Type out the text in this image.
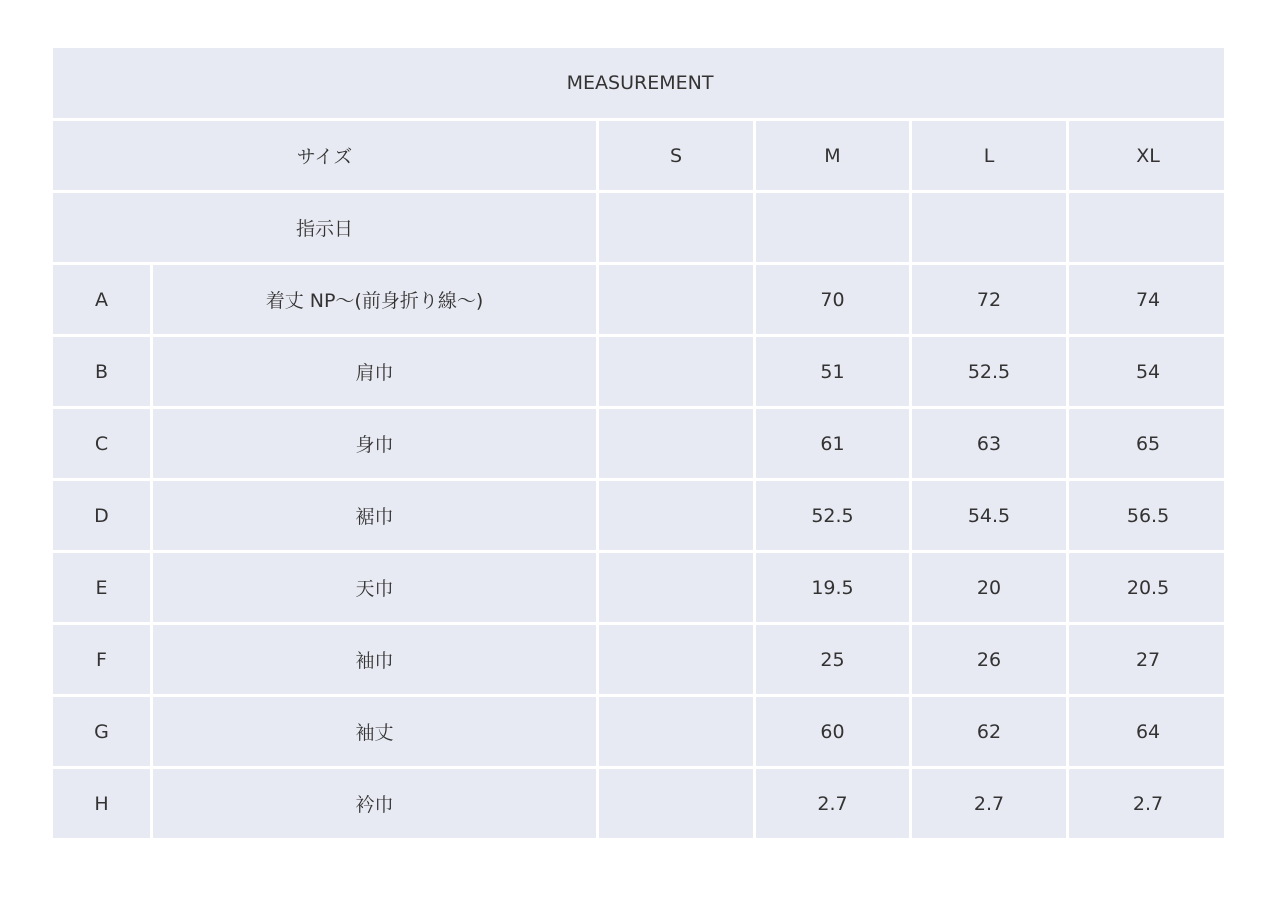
MEASUREMENT					
サイズ		S	M	L	XL
指示日					
A	着丈 NP～(前身折り線～)		70	72	74
B	肩巾		51	52.5	54
C	身巾		61	63	65
D	裾巾		52.5	54.5	56.5
E	天巾		19.5	20	20.5
F	袖巾		25	26	27
G	袖丈		60	62	64
H	衿巾		2.7	2.7	2.7
